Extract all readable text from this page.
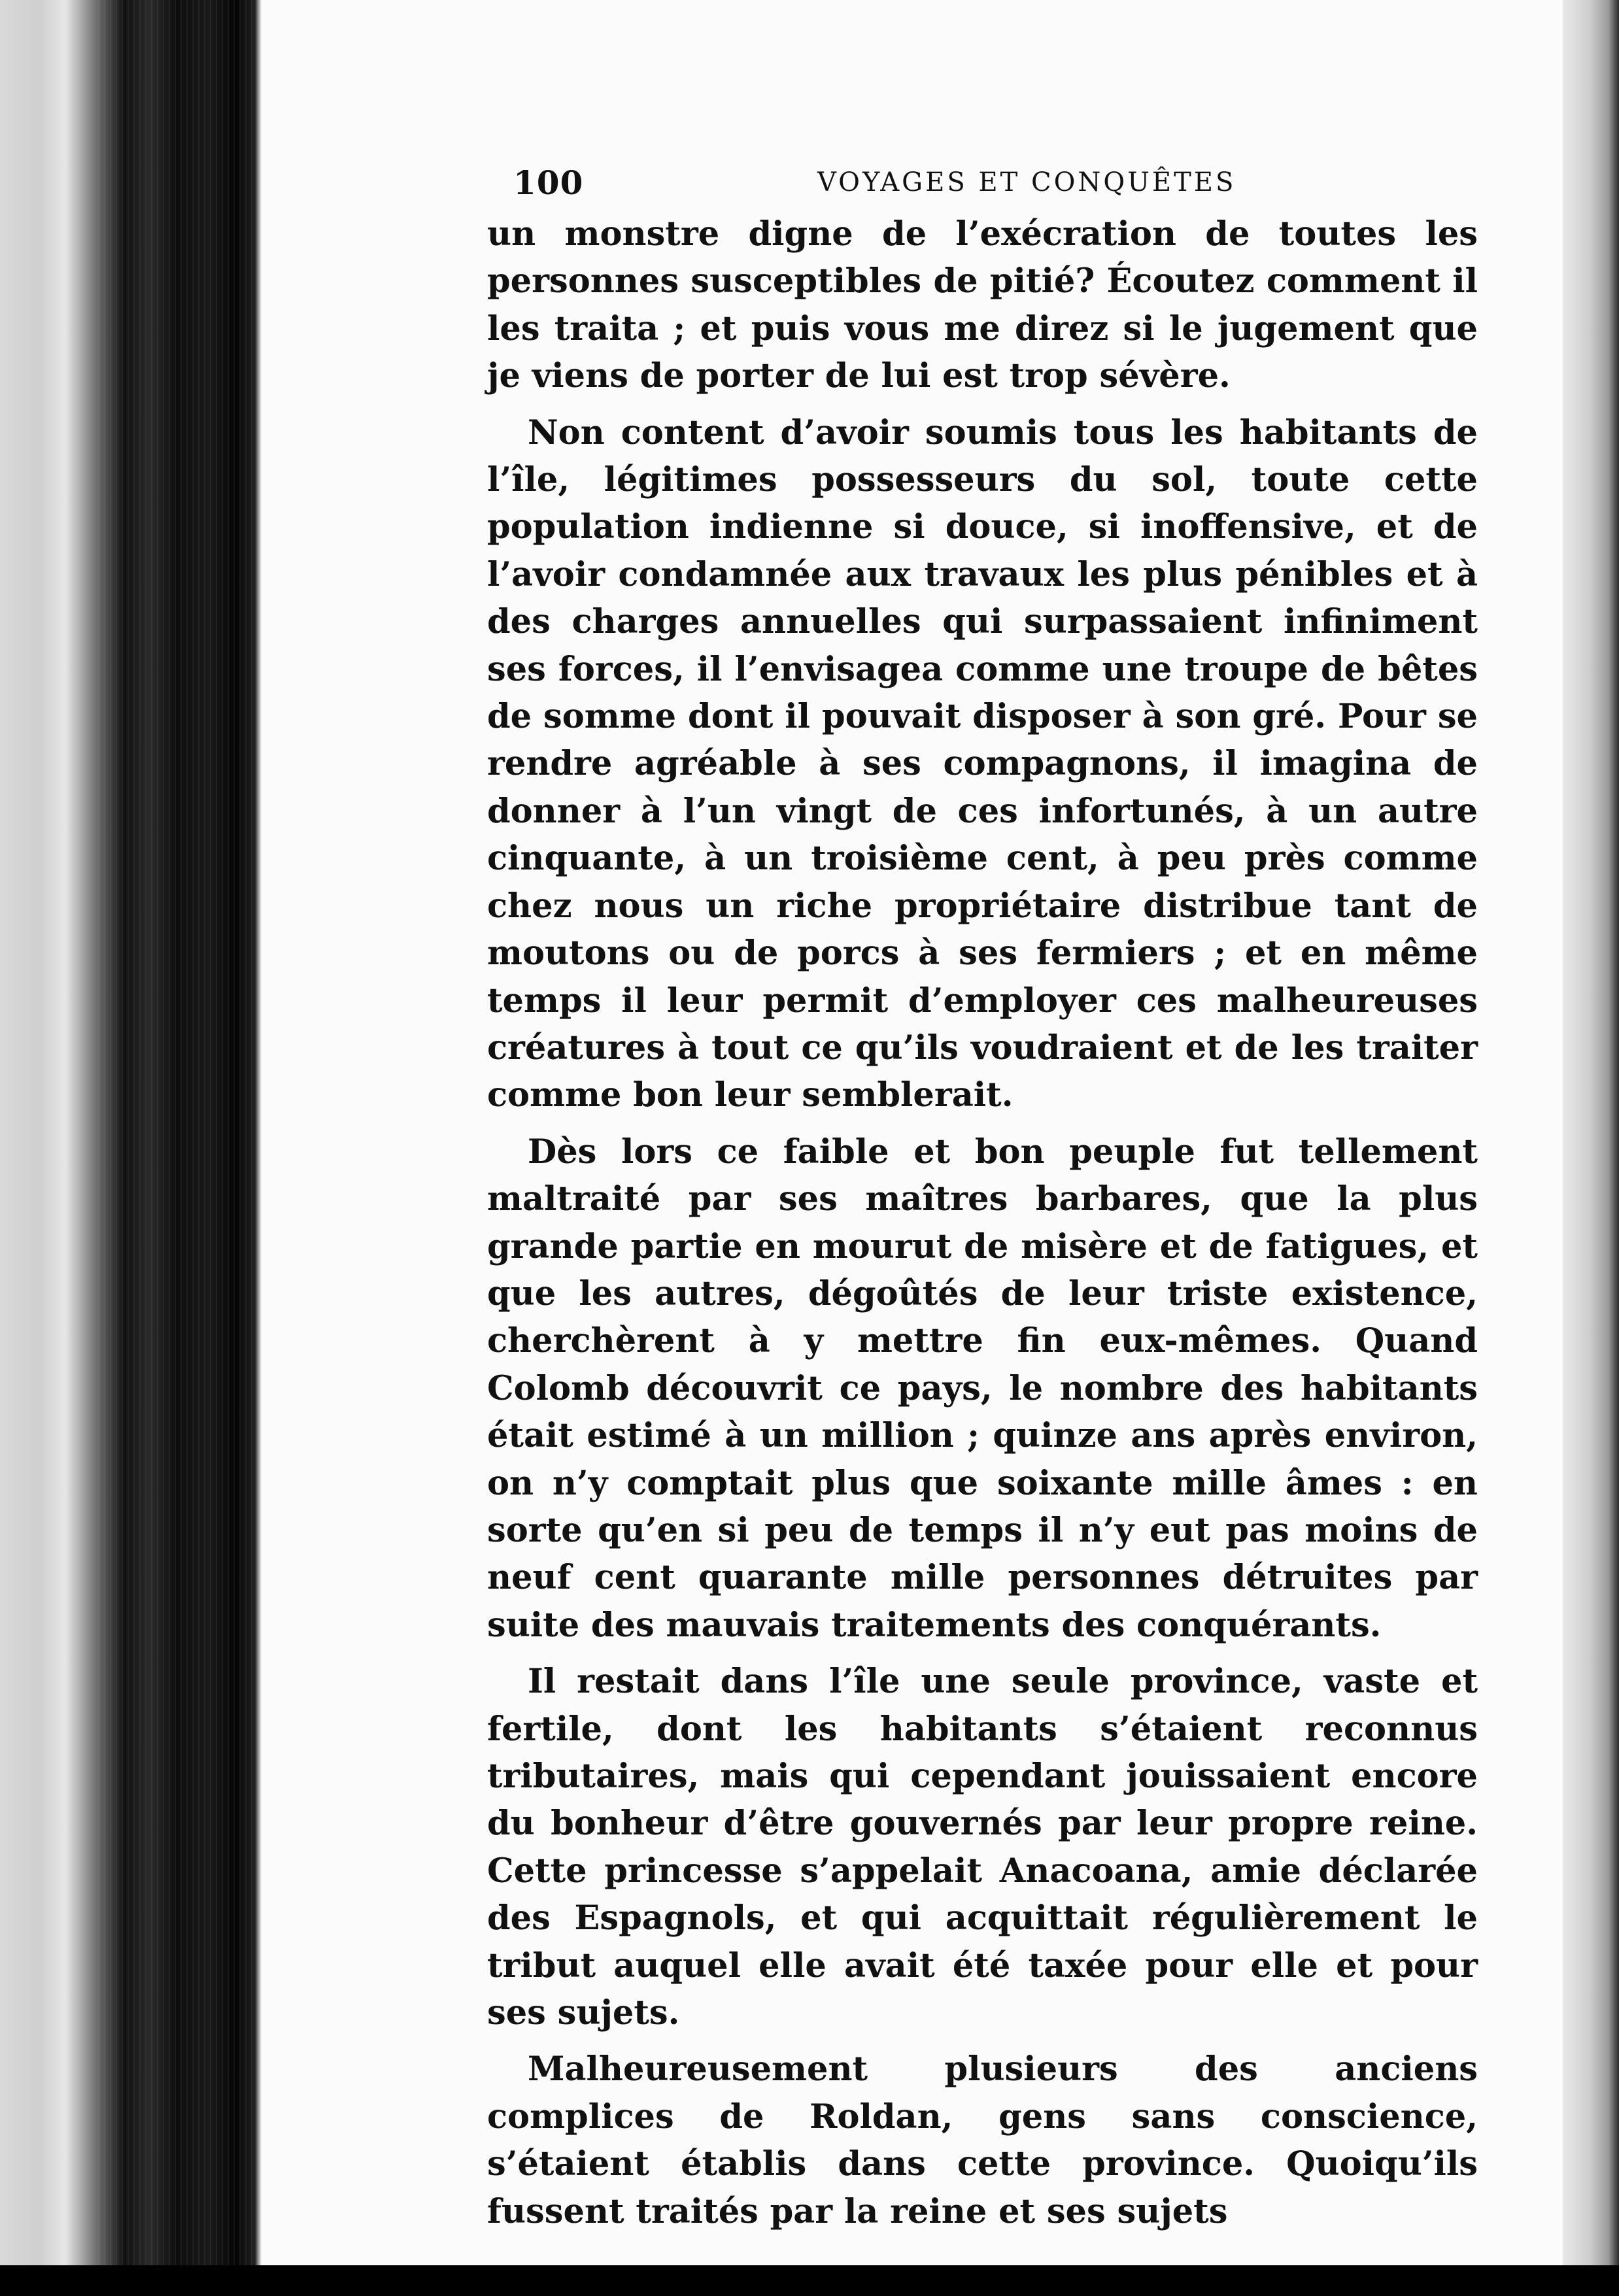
100	VOYAGES ET CONQUÊTES

un monstre digne de l’exécration de toutes les personnes susceptibles de pitié? Écoutez comment il les traita ; et puis vous me direz si le jugement que je viens de porter de lui est trop sévère.

Non content d’avoir soumis tous les habitants de l’île, légitimes possesseurs du sol, toute cette population indienne si douce, si inoffensive, et de l’avoir condamnée aux travaux les plus pénibles et à des charges annuelles qui surpassaient infiniment ses forces, il l’envisagea comme une troupe de bêtes de somme dont il pouvait disposer à son gré. Pour se rendre agréable à ses compagnons, il imagina de donner à l’un vingt de ces infortunés, à un autre cinquante, à un troisième cent, à peu près comme chez nous un riche propriétaire distribue tant de moutons ou de porcs à ses fermiers ; et en même temps il leur permit d’employer ces malheureuses créatures à tout ce qu’ils voudraient et de les traiter comme bon leur semblerait.

Dès lors ce faible et bon peuple fut tellement maltraité par ses maîtres barbares, que la plus grande partie en mourut de misère et de fatigues, et que les autres, dégoûtés de leur triste existence, cherchèrent à y mettre fin eux-mêmes. Quand Colomb découvrit ce pays, le nombre des habitants était estimé à un million ; quinze ans après environ, on n’y comptait plus que soixante mille âmes : en sorte qu’en si peu de temps il n’y eut pas moins de neuf cent quarante mille personnes détruites par suite des mauvais traitements des conquérants.

Il restait dans l’île une seule province, vaste et fertile, dont les habitants s’étaient reconnus tributaires, mais qui cependant jouissaient encore du bonheur d’être gouvernés par leur propre reine. Cette princesse s’appelait Anacoana, amie déclarée des Espagnols, et qui acquittait régulièrement le tribut auquel elle avait été taxée pour elle et pour ses sujets.

Malheureusement plusieurs des anciens complices de Roldan, gens sans conscience, s’étaient établis dans cette province. Quoiqu’ils fussent traités par la reine et ses sujets
